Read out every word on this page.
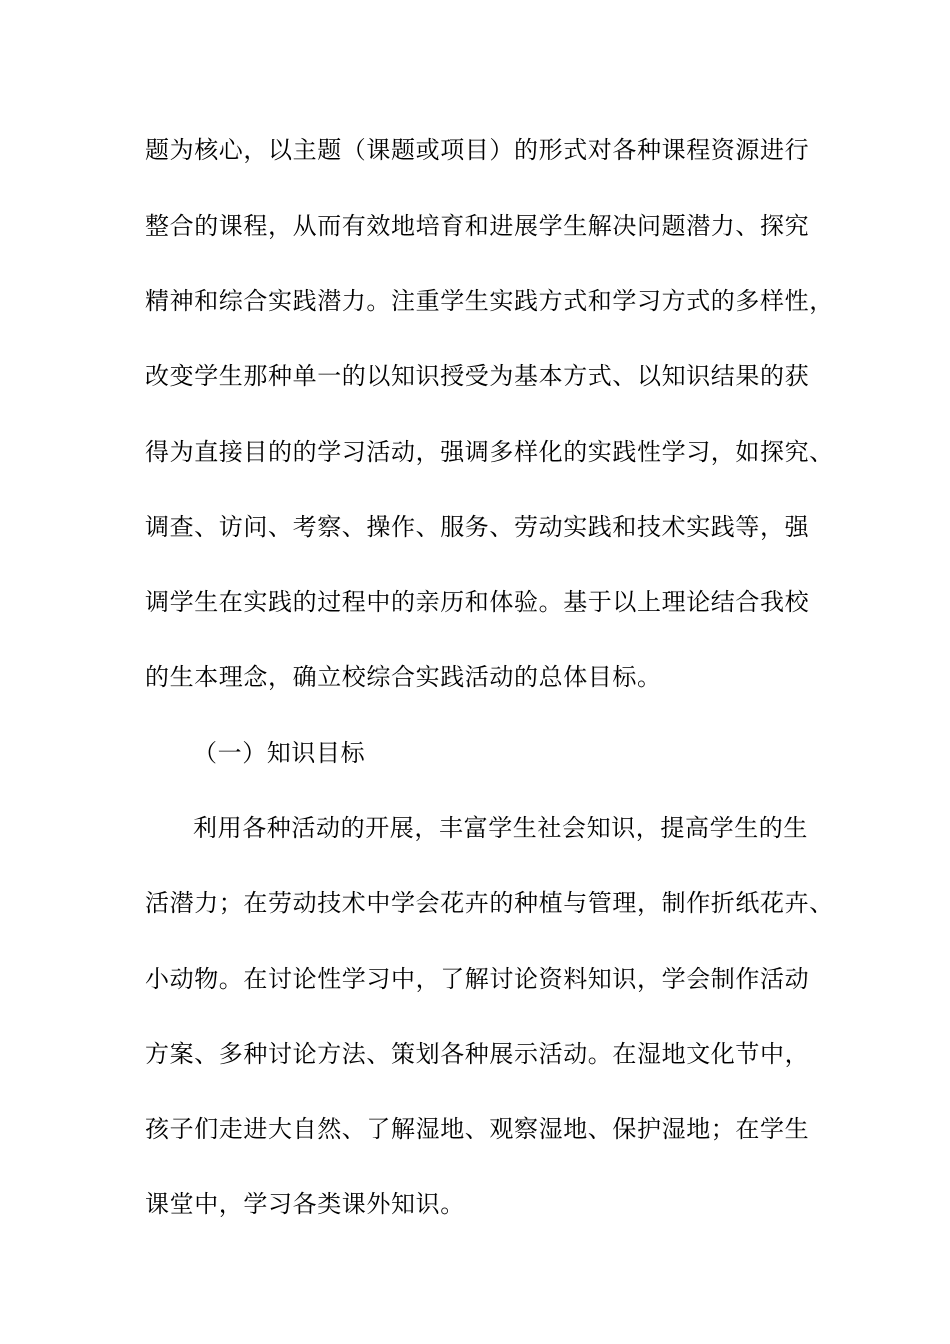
题为核心，以主题（课题或项目）的形式对各种课程资源进行
整合的课程，从而有效地培育和进展学生解决问题潜力、探究
精神和综合实践潜力。注重学生实践方式和学习方式的多样性，
改变学生那种单一的以知识授受为基本方式、以知识结果的获
得为直接目的的学习活动，强调多样化的实践性学习，如探究、
调查、访问、考察、操作、服务、劳动实践和技术实践等，强
调学生在实践的过程中的亲历和体验。基于以上理论结合我校
的生本理念，确立校综合实践活动的总体目标。
（一）知识目标
利用各种活动的开展，丰富学生社会知识，提高学生的生
活潜力；在劳动技术中学会花卉的种植与管理，制作折纸花卉、
小动物。在讨论性学习中，了解讨论资料知识，学会制作活动
方案、多种讨论方法、策划各种展示活动。在湿地文化节中，
孩子们走进大自然、了解湿地、观察湿地、保护湿地；在学生
课堂中，学习各类课外知识。
